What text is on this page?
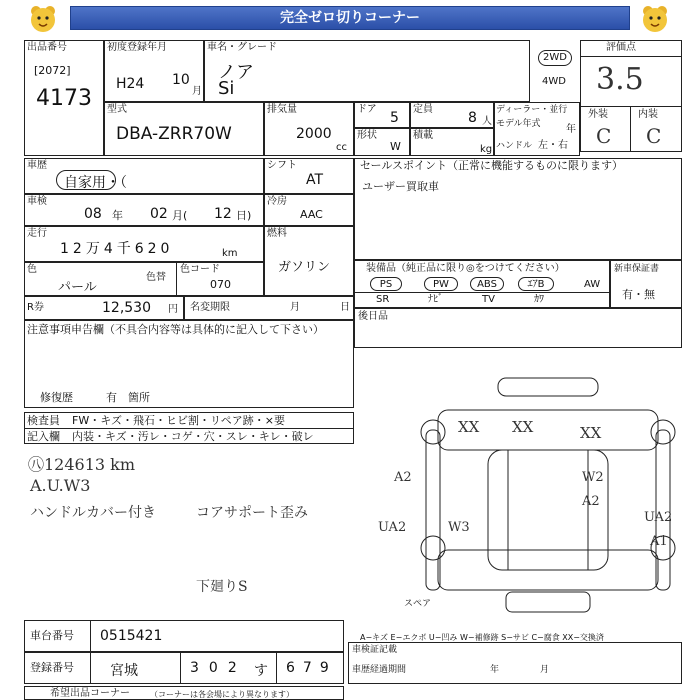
完全ゼロ切りコーナー
出品番号
[2072]
4173
初度登録年月
H24 10
月
車名・グレード
ノア
Si
2WD
4WD
評価点
3.5
外装	内装
C C
型式
DBA-ZRR70W
排気量
2000
cc
ドア
5
定員
8 人
形状
W
積載
kg
ディーラー・並行
モデル年式	年
ハンドル 左・右
車歴
自家用・（
シフト
AT
セールスポイント（正常に機能するものに限ります）
ユーザー買取車
車検
08 年 02 月( 12 日)
冷房
AAC
走行
12万4千620	km
燃料
ガソリン
色
パール
色替
色コード
070
装備品（純正品に限り◎をつけてください）
PS	PW	ABS	ｴｱB	AW
SR	ﾅﾋﾞ	TV	ｶﾜ
新車保証書
有・無
R券	12,530 円 名変期限	月	日
後日品
注意事項申告欄（不具合内容等は具体的に記入して下さい）
修復歴	有 箇所
検査員 FW・キズ・飛石・ヒビ割・リペア跡・×要
記入欄 内装・キズ・汚レ・コゲ・穴・スレ・キレ・破レ
㊇124613 km
A.U.W3
ハンドルカバー付き	コアサポート歪み
下廻りS
XX XX	XX
A2	W2
A2
W3
UA2
UA2
A1
スペア
A−キズ E−エクボ U−凹み W−補修跡 S−サビ C−腐食 XX−交換済
車台番号 0515421
登録番号	宮城	302 す 679
車検証記載
車歴経過期間	年	月
希望出品コーナー	（コーナーは各会場により異なります）
